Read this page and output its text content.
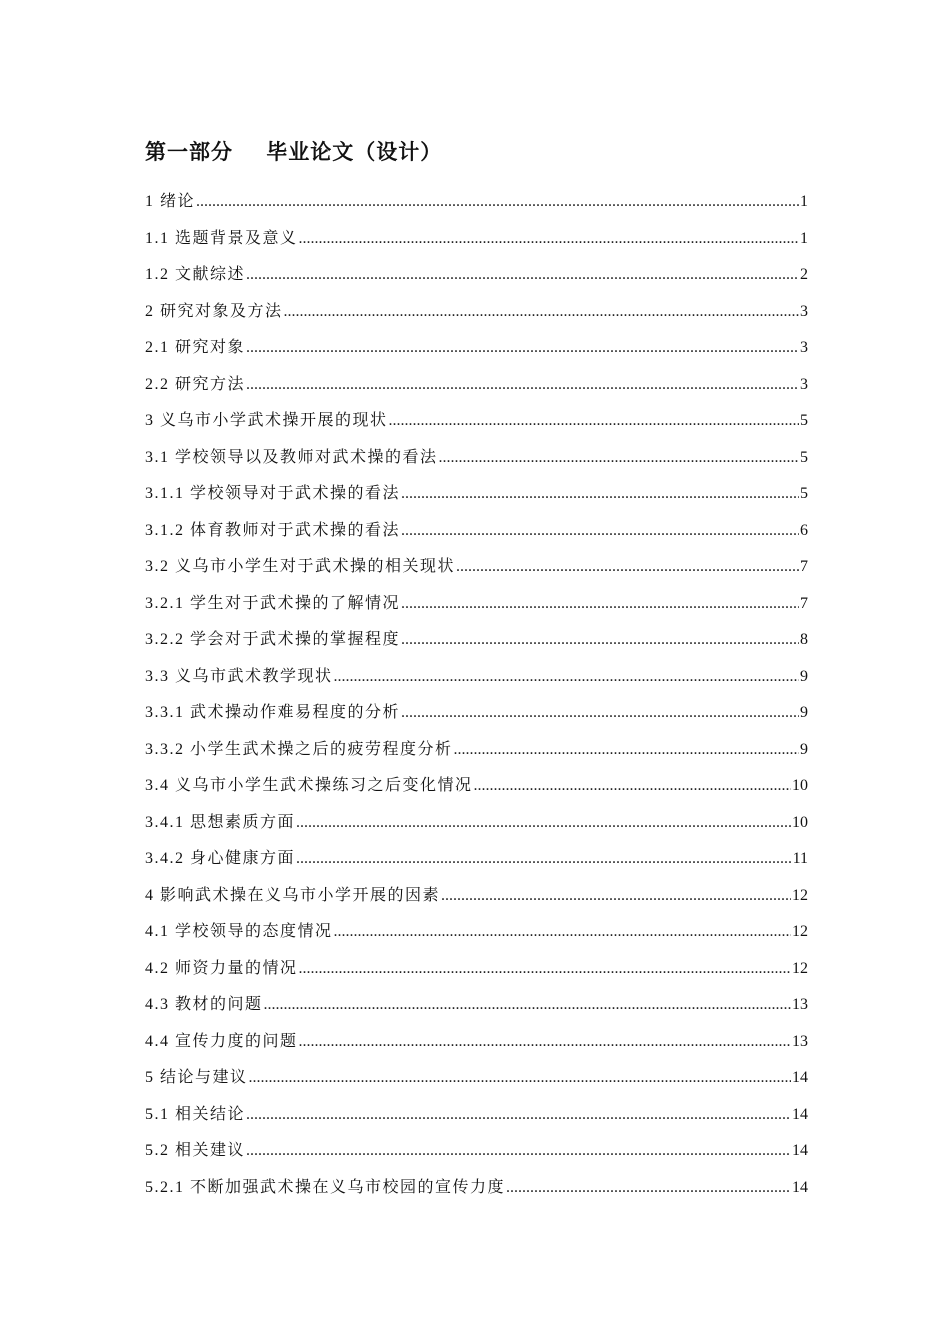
第一部分    毕业论文（设计）
1 绪论 .....	1
1.1 选题背景及意义 .....	1
1.2 文献综述 .....	2
2 研究对象及方法 .....	3
2.1 研究对象 .....	3
2.2 研究方法 .....	3
3 义乌市小学武术操开展的现状 .....	5
3.1 学校领导以及教师对武术操的看法 .....	5
3.1.1 学校领导对于武术操的看法 .....	5
3.1.2 体育教师对于武术操的看法 .....	6
3.2 义乌市小学生对于武术操的相关现状 .....	7
3.2.1 学生对于武术操的了解情况 .....	7
3.2.2 学会对于武术操的掌握程度 .....	8
3.3 义乌市武术教学现状 .....	9
3.3.1 武术操动作难易程度的分析 .....	9
3.3.2 小学生武术操之后的疲劳程度分析 .....	9
3.4 义乌市小学生武术操练习之后变化情况 .....	10
3.4.1 思想素质方面 .....	10
3.4.2 身心健康方面 .....	11
4 影响武术操在义乌市小学开展的因素 .....	12
4.1 学校领导的态度情况 .....	12
4.2 师资力量的情况 .....	12
4.3 教材的问题 .....	13
4.4 宣传力度的问题 .....	13
5 结论与建议 .....	14
5.1 相关结论 .....	14
5.2 相关建议 .....	14
5.2.1 不断加强武术操在义乌市校园的宣传力度 .....	14
